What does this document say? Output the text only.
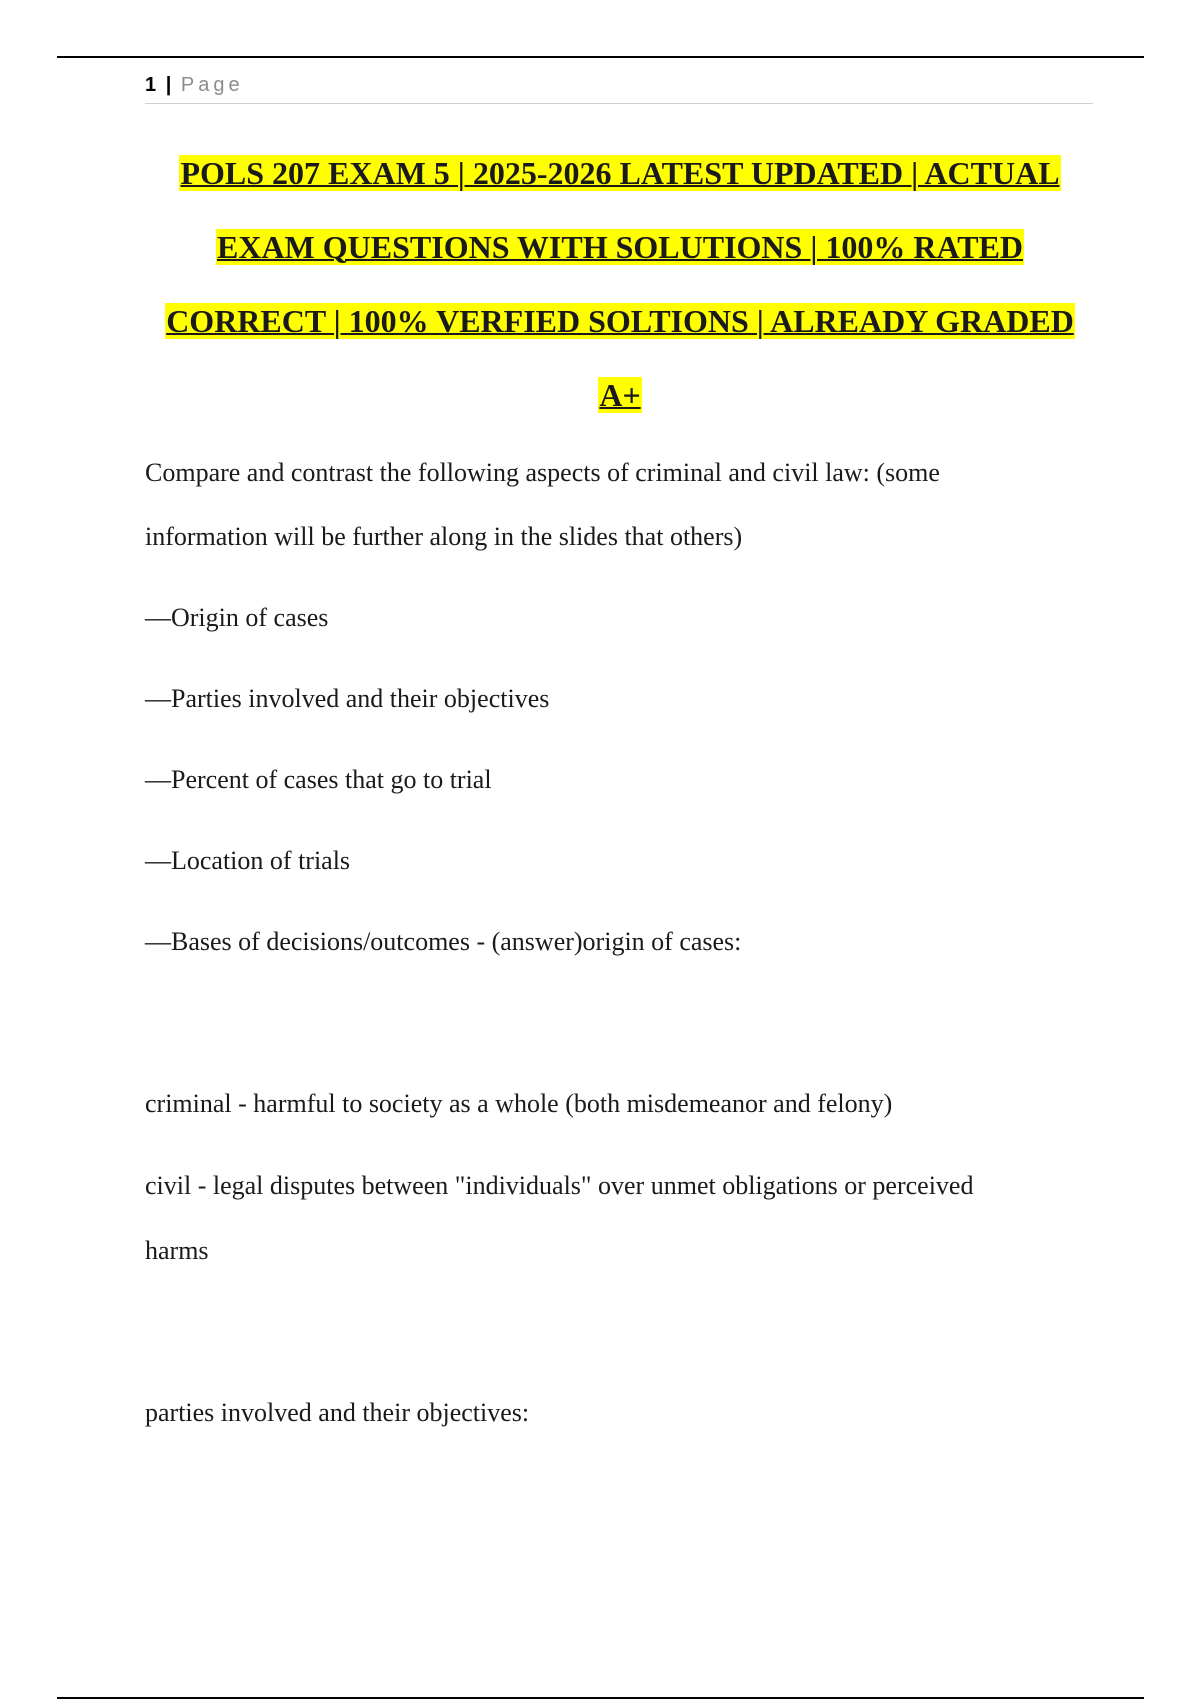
1 | Page
POLS 207 EXAM 5 | 2025-2026 LATEST UPDATED | ACTUAL
EXAM QUESTIONS WITH SOLUTIONS | 100% RATED
CORRECT | 100% VERFIED SOLTIONS | ALREADY GRADED
A+
Compare and contrast the following aspects of criminal and civil law: (some
information will be further along in the slides that others)
—Origin of cases
—Parties involved and their objectives
—Percent of cases that go to trial
—Location of trials
—Bases of decisions/outcomes - (answer)origin of cases:
criminal - harmful to society as a whole (both misdemeanor and felony)
civil - legal disputes between "individuals" over unmet obligations or perceived
harms
parties involved and their objectives:
